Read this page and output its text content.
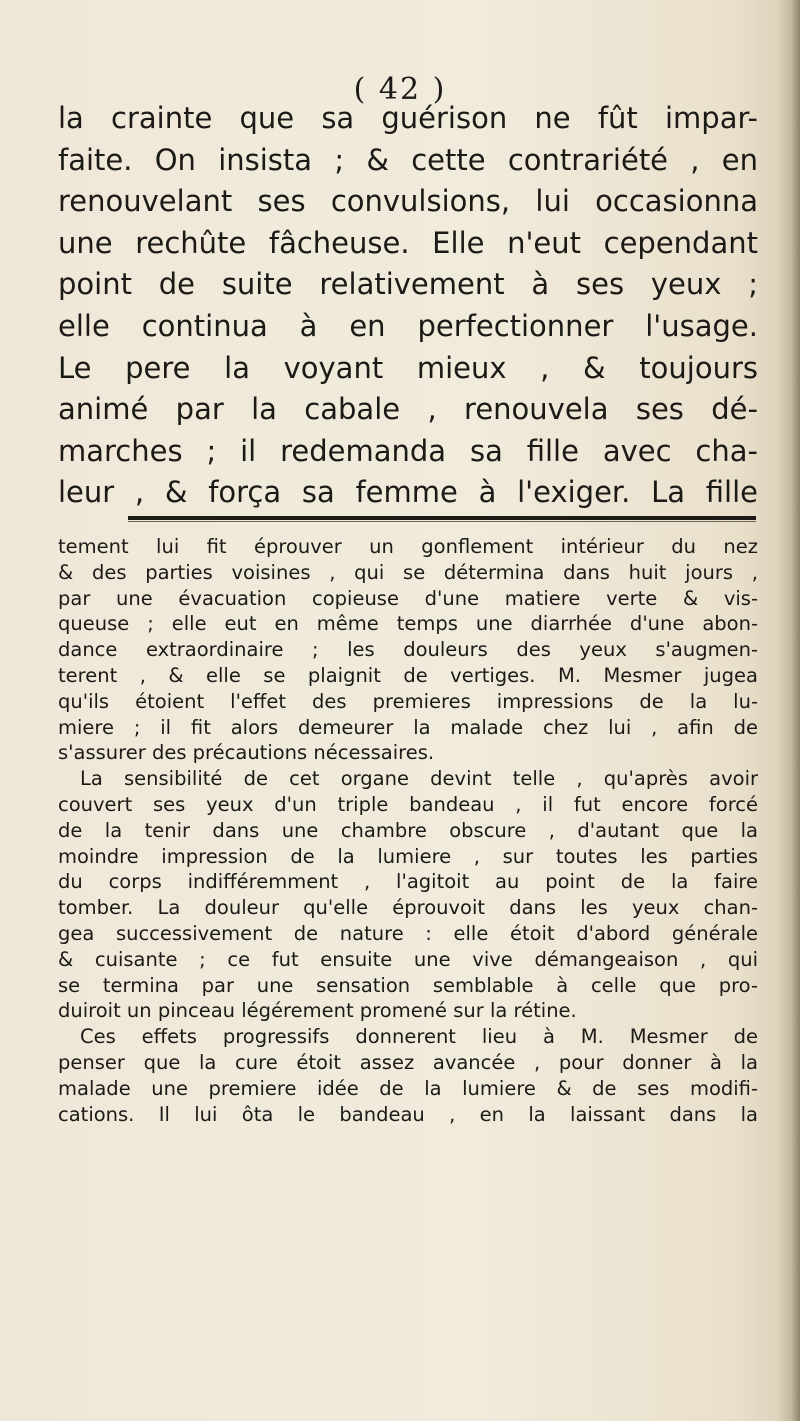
( 42 )
la crainte que sa guérison ne fût impar-
faite. On insista ; & cette contrariété , en
renouvelant ses convulsions, lui occasionna
une rechûte fâcheuse. Elle n'eut cependant
point de suite relativement à ses yeux ;
elle continua à en perfectionner l'usage.
Le pere la voyant mieux , & toujours
animé par la cabale , renouvela ses dé-
marches ; il redemanda sa fille avec cha-
leur , & força sa femme à l'exiger. La fille
tement lui fit éprouver un gonflement intérieur du nez
& des parties voisines , qui se détermina dans huit jours ,
par une évacuation copieuse d'une matiere verte & vis-
queuse ; elle eut en même temps une diarrhée d'une abon-
dance extraordinaire ; les douleurs des yeux s'augmen-
terent , & elle se plaignit de vertiges. M. Mesmer jugea
qu'ils étoient l'effet des premieres impressions de la lu-
miere ; il fit alors demeurer la malade chez lui , afin de
s'assurer des précautions nécessaires.
La sensibilité de cet organe devint telle , qu'après avoir
couvert ses yeux d'un triple bandeau , il fut encore forcé
de la tenir dans une chambre obscure , d'autant que la
moindre impression de la lumiere , sur toutes les parties
du corps indifféremment , l'agitoit au point de la faire
tomber. La douleur qu'elle éprouvoit dans les yeux chan-
gea successivement de nature : elle étoit d'abord générale
& cuisante ; ce fut ensuite une vive démangeaison , qui
se termina par une sensation semblable à celle que pro-
duiroit un pinceau légérement promené sur la rétine.
Ces effets progressifs donnerent lieu à M. Mesmer de
penser que la cure étoit assez avancée , pour donner à la
malade une premiere idée de la lumiere & de ses modifi-
cations. Il lui ôta le bandeau , en la laissant dans la
